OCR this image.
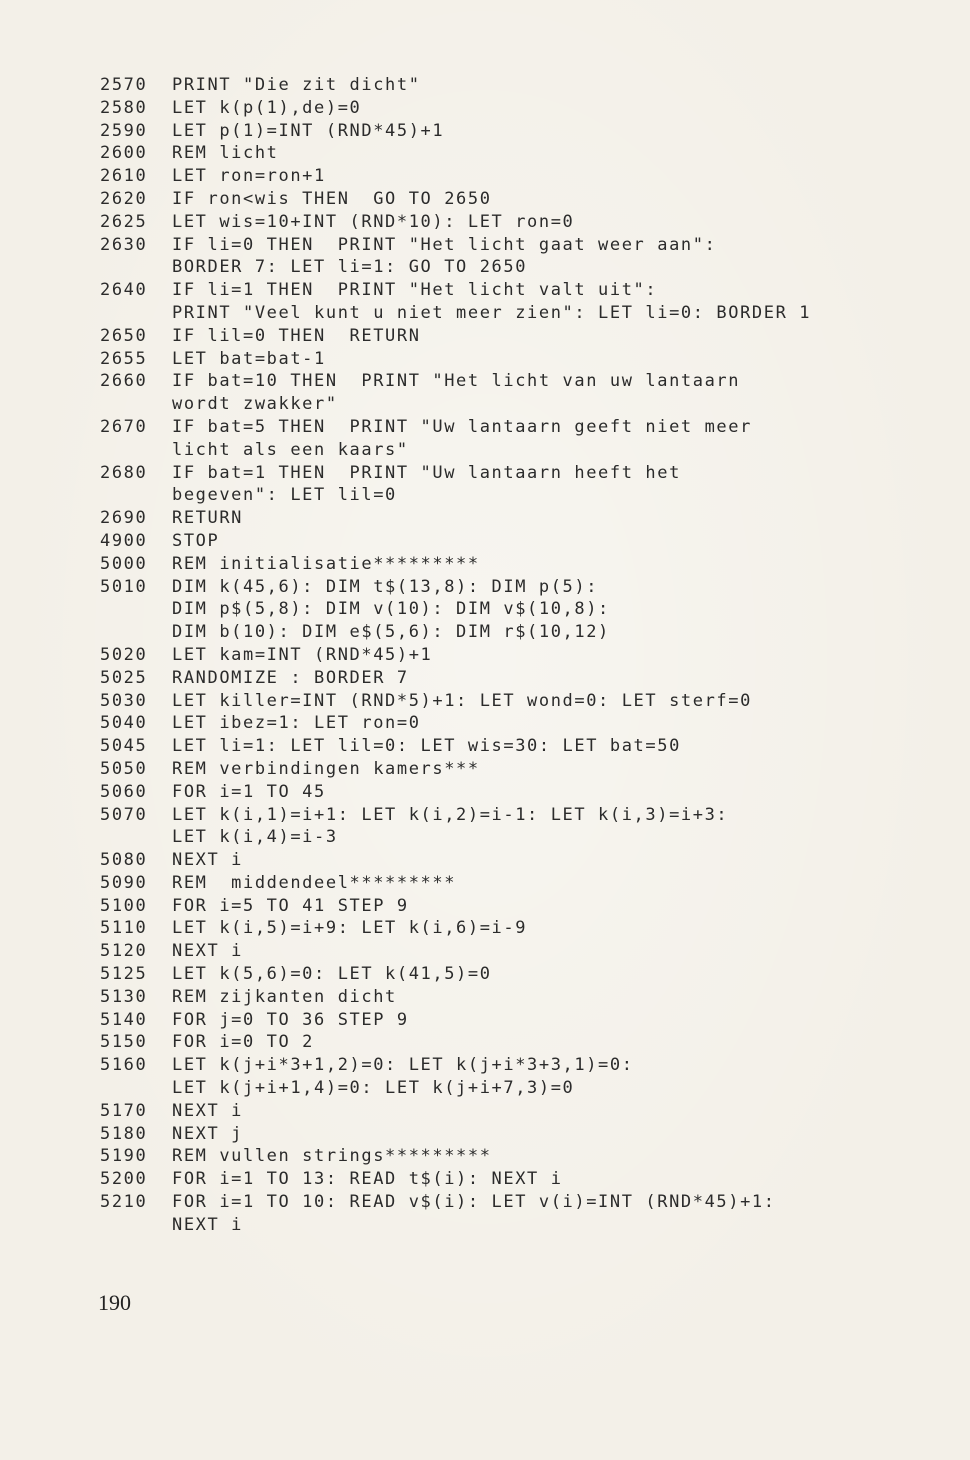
2570	PRINT "Die zit dicht"
2580	LET k(p(1),de)=0
2590	LET p(1)=INT (RND*45)+1
2600	REM licht
2610	LET ron=ron+1
2620	IF ron<wis THEN  GO TO 2650
2625	LET wis=10+INT (RND*10): LET ron=0
2630	IF li=0 THEN  PRINT "Het licht gaat weer aan":
BORDER 7: LET li=1: GO TO 2650
2640	IF li=1 THEN  PRINT "Het licht valt uit":
PRINT "Veel kunt u niet meer zien": LET li=0: BORDER 1
2650	IF lil=0 THEN  RETURN
2655	LET bat=bat-1
2660	IF bat=10 THEN  PRINT "Het licht van uw lantaarn
wordt zwakker"
2670	IF bat=5 THEN  PRINT "Uw lantaarn geeft niet meer
licht als een kaars"
2680	IF bat=1 THEN  PRINT "Uw lantaarn heeft het
begeven": LET lil=0
2690	RETURN
4900	STOP
5000	REM initialisatie*********
5010	DIM k(45,6): DIM t$(13,8): DIM p(5):
DIM p$(5,8): DIM v(10): DIM v$(10,8):
DIM b(10): DIM e$(5,6): DIM r$(10,12)
5020	LET kam=INT (RND*45)+1
5025	RANDOMIZE : BORDER 7
5030	LET killer=INT (RND*5)+1: LET wond=0: LET sterf=0
5040	LET ibez=1: LET ron=0
5045	LET li=1: LET lil=0: LET wis=30: LET bat=50
5050	REM verbindingen kamers***
5060	FOR i=1 TO 45
5070	LET k(i,1)=i+1: LET k(i,2)=i-1: LET k(i,3)=i+3:
LET k(i,4)=i-3
5080	NEXT i
5090	REM  middendeel*********
5100	FOR i=5 TO 41 STEP 9
5110	LET k(i,5)=i+9: LET k(i,6)=i-9
5120	NEXT i
5125	LET k(5,6)=0: LET k(41,5)=0
5130	REM zijkanten dicht
5140	FOR j=0 TO 36 STEP 9
5150	FOR i=0 TO 2
5160	LET k(j+i*3+1,2)=0: LET k(j+i*3+3,1)=0:
LET k(j+i+1,4)=0: LET k(j+i+7,3)=0
5170	NEXT i
5180	NEXT j
5190	REM vullen strings*********
5200	FOR i=1 TO 13: READ t$(i): NEXT i
5210	FOR i=1 TO 10: READ v$(i): LET v(i)=INT (RND*45)+1:
NEXT i
190
